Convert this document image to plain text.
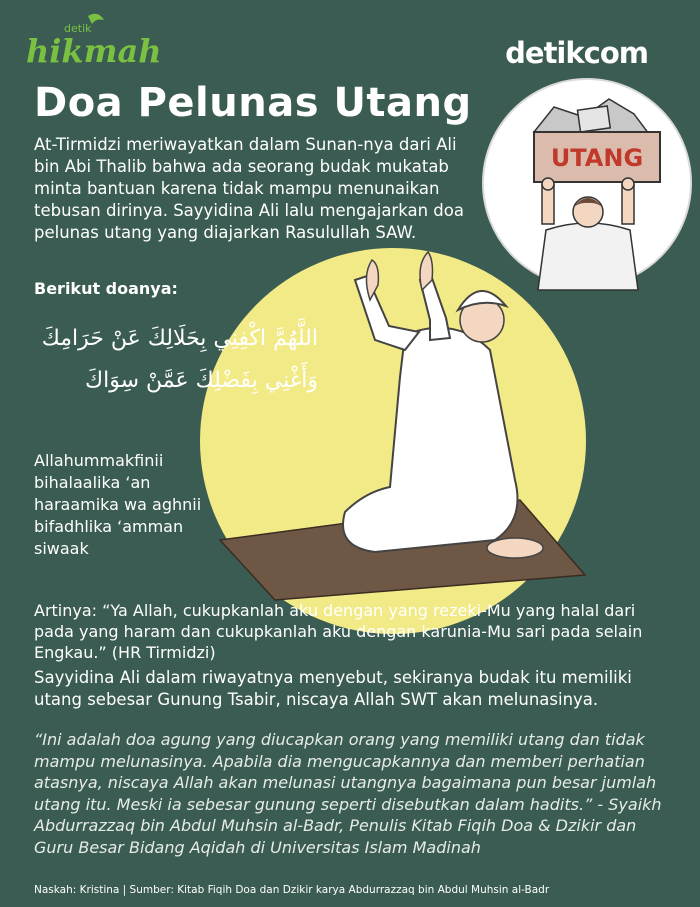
detik
hikmah	detikcom
Doa Pelunas Utang
At-Tirmidzi meriwayatkan dalam Sunan-nya dari Ali bin Abi Thalib bahwa ada seorang budak mukatab minta bantuan karena tidak mampu menunaikan tebusan dirinya. Sayyidina Ali lalu mengajarkan doa pelunas utang yang diajarkan Rasulullah SAW.
UTANG
Berikut doanya:
اللَّهُمَّ اكْفِنِي بِحَلَالِكَ عَنْ حَرَامِكَ وَأَغْنِي بِفَضْلِكَ عَمَّنْ سِوَاكَ
Allahummakfinii bihalaalika ‘an haraamika wa aghnii bifadhlika ‘amman siwaak
Artinya: “Ya Allah, cukupkanlah aku dengan yang rezeki-Mu yang halal dari pada yang haram dan cukupkanlah aku dengan karunia-Mu sari pada selain Engkau.” (HR Tirmidzi)
Sayyidina Ali dalam riwayatnya menyebut, sekiranya budak itu memiliki utang sebesar Gunung Tsabir, niscaya Allah SWT akan melunasinya.
“Ini adalah doa agung yang diucapkan orang yang memiliki utang dan tidak mampu melunasinya. Apabila dia mengucapkannya dan memberi perhatian atasnya, niscaya Allah akan melunasi utangnya bagaimana pun besar jumlah utang itu. Meski ia sebesar gunung seperti disebutkan dalam hadits.” - Syaikh Abdurrazzaq bin Abdul Muhsin al-Badr, Penulis Kitab Fiqih Doa & Dzikir dan Guru Besar Bidang Aqidah di Universitas Islam Madinah
Naskah: Kristina | Sumber: Kitab Fiqih Doa dan Dzikir karya Abdurrazzaq bin Abdul Muhsin al-Badr
